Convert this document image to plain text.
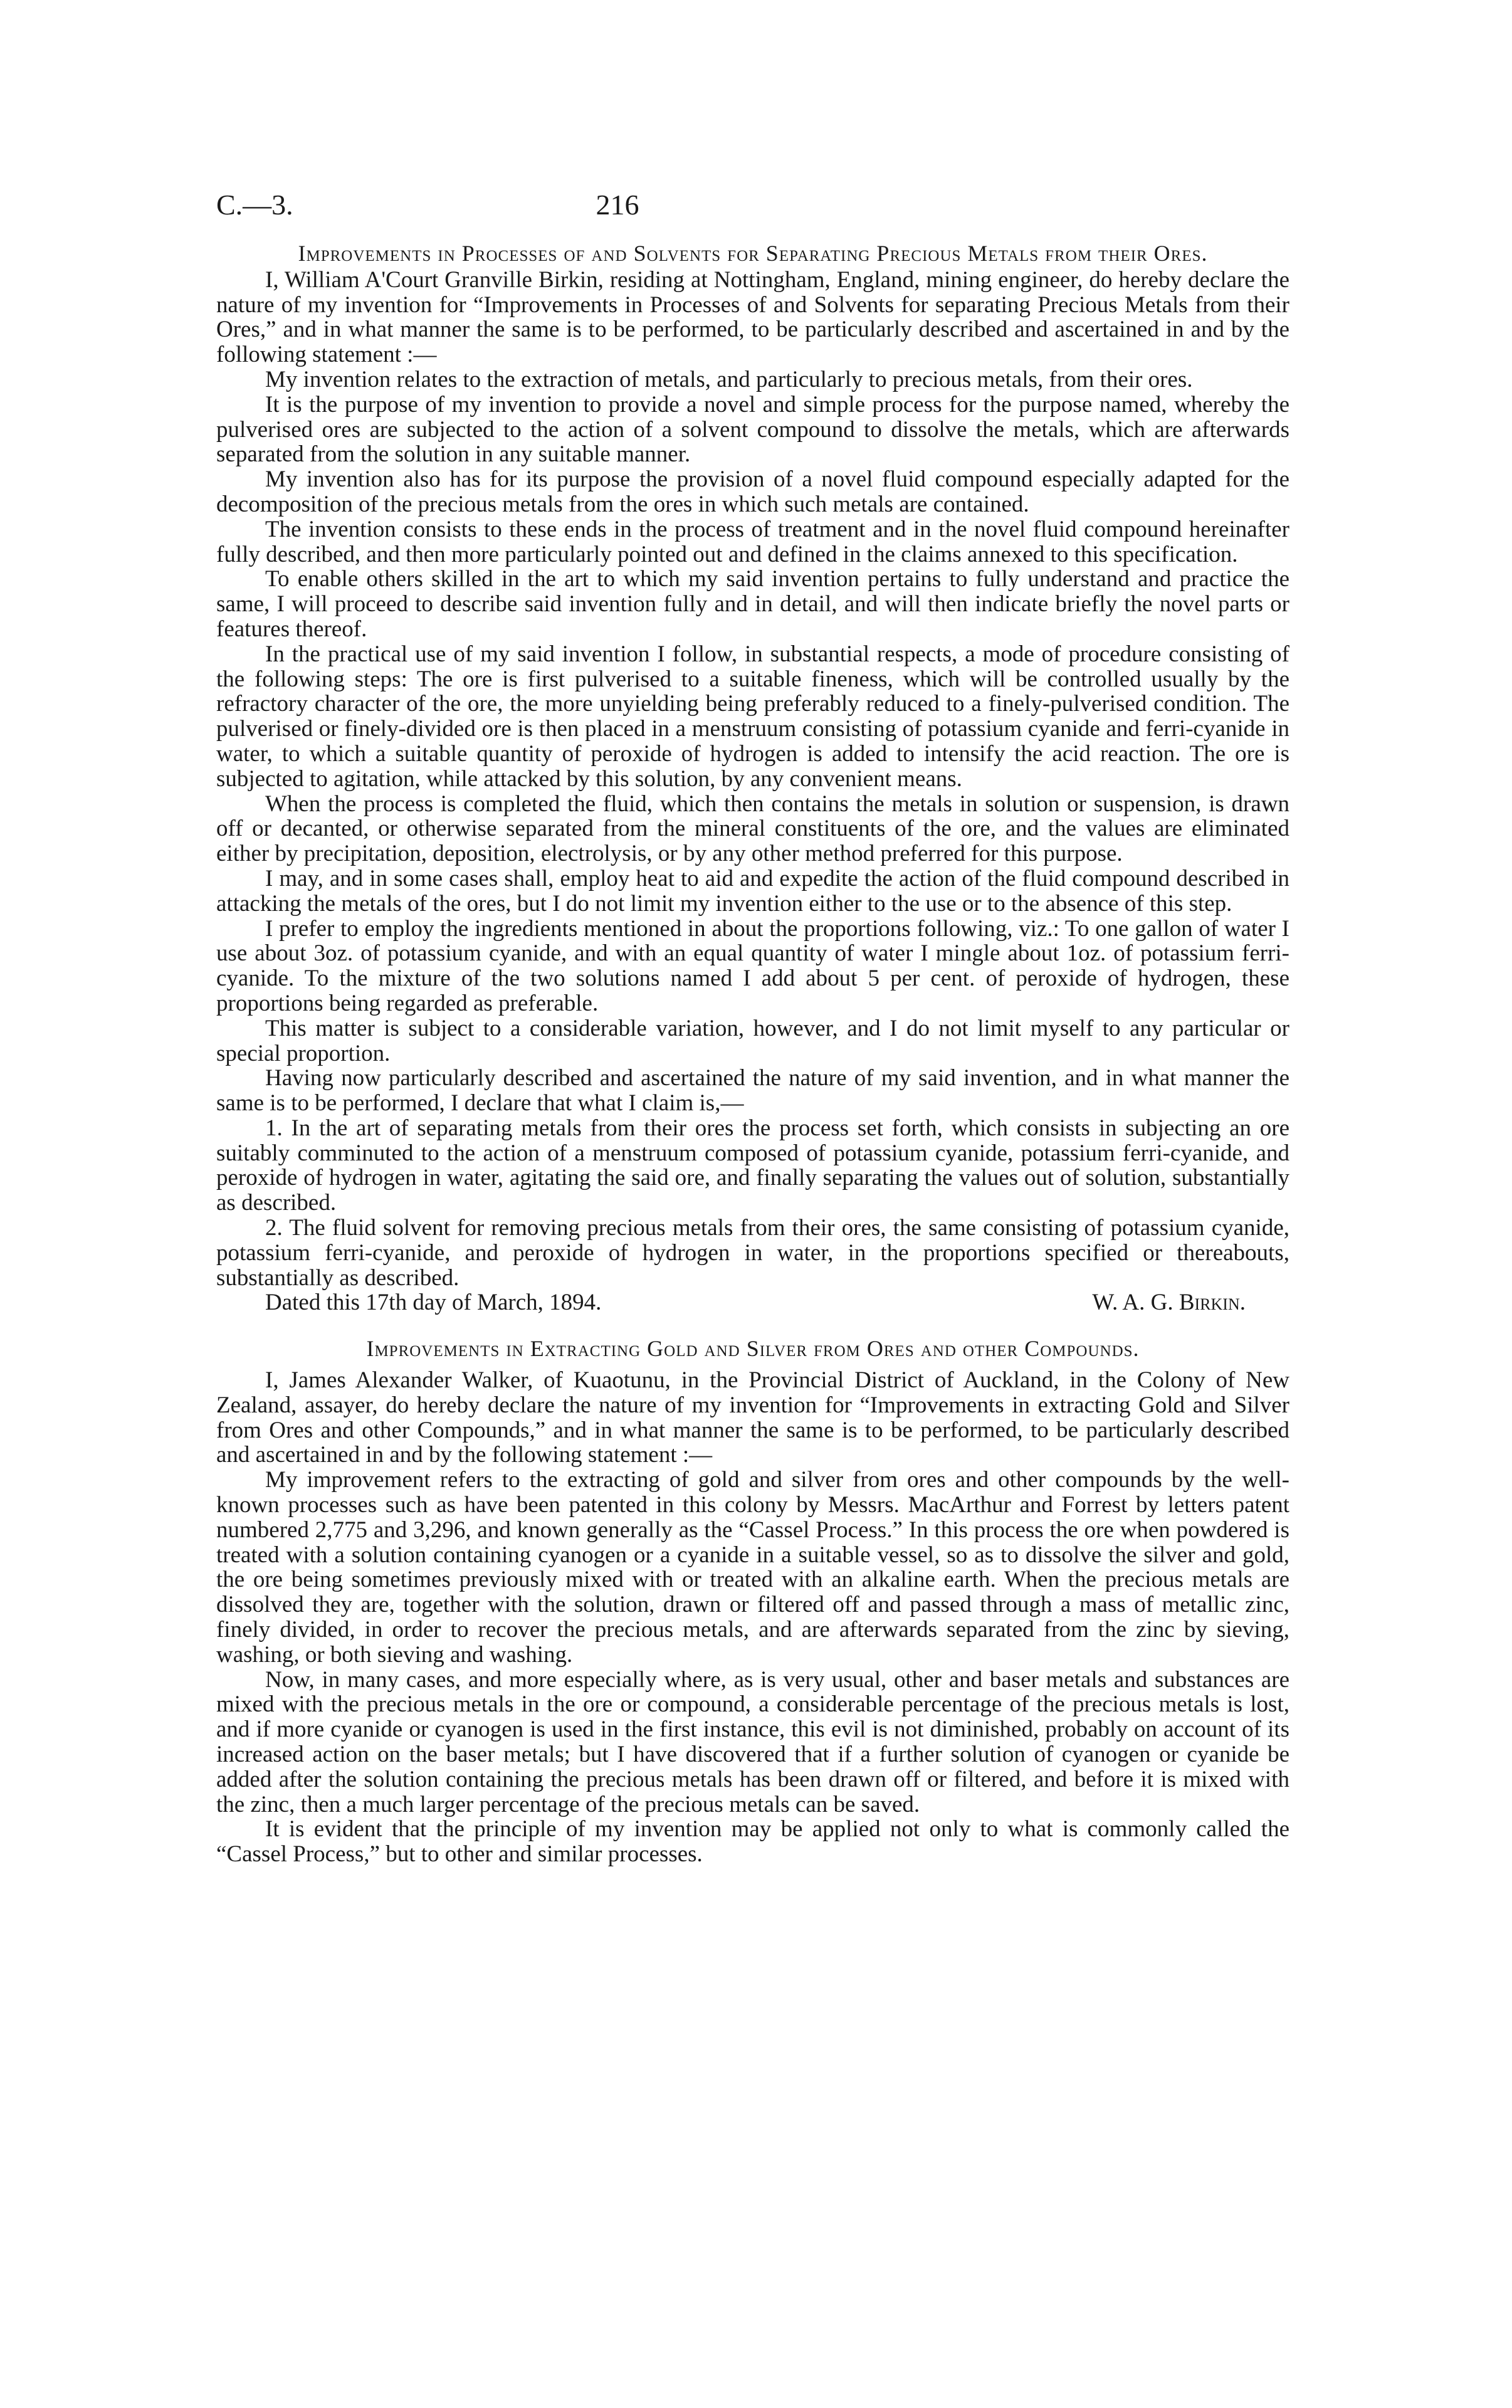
C.—3.	216
Improvements in Processes of and Solvents for Separating Precious Metals from their Ores.

I, William A'Court Granville Birkin, residing at Nottingham, England, mining engineer, do hereby declare the nature of my invention for “Improvements in Processes of and Solvents for separating Precious Metals from their Ores,” and in what manner the same is to be performed, to be particularly described and ascertained in and by the following statement :—

My invention relates to the extraction of metals, and particularly to precious metals, from their ores.

It is the purpose of my invention to provide a novel and simple process for the purpose named, whereby the pulverised ores are subjected to the action of a solvent compound to dissolve the metals, which are afterwards separated from the solution in any suitable manner.

My invention also has for its purpose the provision of a novel fluid compound especially adapted for the decomposition of the precious metals from the ores in which such metals are contained.

The invention consists to these ends in the process of treatment and in the novel fluid compound hereinafter fully described, and then more particularly pointed out and defined in the claims annexed to this specification.

To enable others skilled in the art to which my said invention pertains to fully understand and practice the same, I will proceed to describe said invention fully and in detail, and will then indicate briefly the novel parts or features thereof.

In the practical use of my said invention I follow, in substantial respects, a mode of procedure consisting of the following steps: The ore is first pulverised to a suitable fineness, which will be controlled usually by the refractory character of the ore, the more unyielding being preferably reduced to a finely-pulverised condition. The pulverised or finely-divided ore is then placed in a menstruum consisting of potassium cyanide and ferri-cyanide in water, to which a suitable quantity of peroxide of hydrogen is added to intensify the acid reaction. The ore is subjected to agitation, while attacked by this solution, by any convenient means.

When the process is completed the fluid, which then contains the metals in solution or suspension, is drawn off or decanted, or otherwise separated from the mineral constituents of the ore, and the values are eliminated either by precipitation, deposition, electrolysis, or by any other method preferred for this purpose.

I may, and in some cases shall, employ heat to aid and expedite the action of the fluid compound described in attacking the metals of the ores, but I do not limit my invention either to the use or to the absence of this step.

I prefer to employ the ingredients mentioned in about the proportions following, viz.: To one gallon of water I use about 3oz. of potassium cyanide, and with an equal quantity of water I mingle about 1oz. of potassium ferri-cyanide. To the mixture of the two solutions named I add about 5 per cent. of peroxide of hydrogen, these proportions being regarded as preferable.

This matter is subject to a considerable variation, however, and I do not limit myself to any particular or special proportion.

Having now particularly described and ascertained the nature of my said invention, and in what manner the same is to be performed, I declare that what I claim is,—

1. In the art of separating metals from their ores the process set forth, which consists in subjecting an ore suitably comminuted to the action of a menstruum composed of potassium cyanide, potassium ferri-cyanide, and peroxide of hydrogen in water, agitating the said ore, and finally separating the values out of solution, substantially as described.

2. The fluid solvent for removing precious metals from their ores, the same consisting of potassium cyanide, potassium ferri-cyanide, and peroxide of hydrogen in water, in the proportions specified or thereabouts, substantially as described.

Dated this 17th day of March, 1894.	W. A. G. Birkin.
Improvements in Extracting Gold and Silver from Ores and other Compounds.

I, James Alexander Walker, of Kuaotunu, in the Provincial District of Auckland, in the Colony of New Zealand, assayer, do hereby declare the nature of my invention for “Improvements in extracting Gold and Silver from Ores and other Compounds,” and in what manner the same is to be performed, to be particularly described and ascertained in and by the following statement :—

My improvement refers to the extracting of gold and silver from ores and other compounds by the well-known processes such as have been patented in this colony by Messrs. MacArthur and Forrest by letters patent numbered 2,775 and 3,296, and known generally as the “Cassel Process.” In this process the ore when powdered is treated with a solution containing cyanogen or a cyanide in a suitable vessel, so as to dissolve the silver and gold, the ore being sometimes previously mixed with or treated with an alkaline earth. When the precious metals are dissolved they are, together with the solution, drawn or filtered off and passed through a mass of metallic zinc, finely divided, in order to recover the precious metals, and are afterwards separated from the zinc by sieving, washing, or both sieving and washing.

Now, in many cases, and more especially where, as is very usual, other and baser metals and substances are mixed with the precious metals in the ore or compound, a considerable percentage of the precious metals is lost, and if more cyanide or cyanogen is used in the first instance, this evil is not diminished, probably on account of its increased action on the baser metals; but I have discovered that if a further solution of cyanogen or cyanide be added after the solution containing the precious metals has been drawn off or filtered, and before it is mixed with the zinc, then a much larger percentage of the precious metals can be saved.

It is evident that the principle of my invention may be applied not only to what is commonly called the “Cassel Process,” but to other and similar processes.
